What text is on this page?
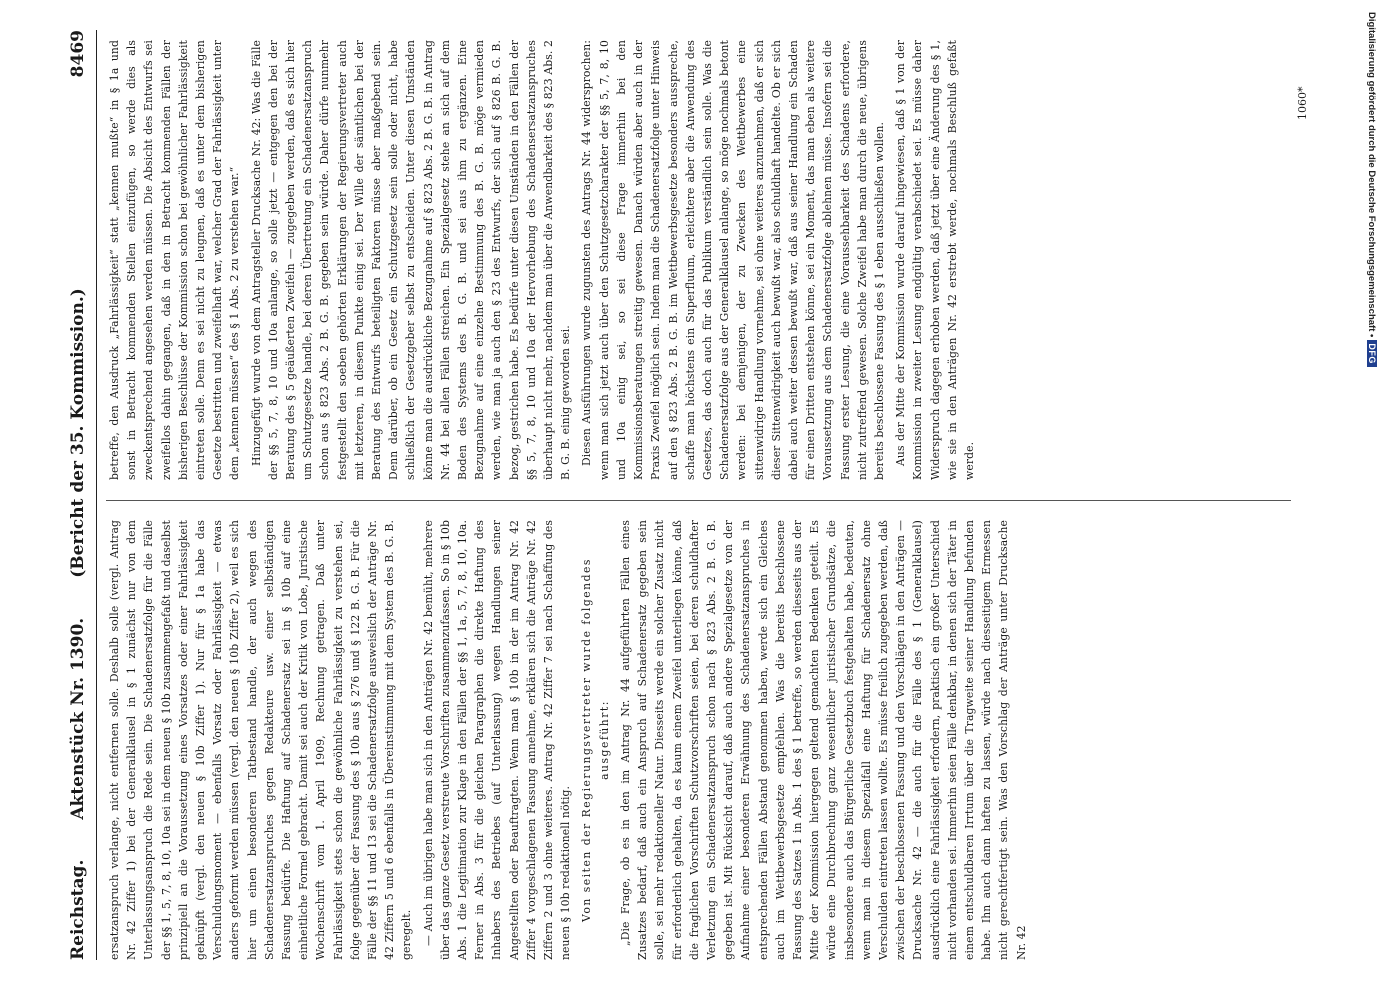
Reichstag.
Aktenstück Nr. 1390.
(Bericht der 35. Kommission.)
8469

ersatzanspruch verlange, nicht entfernen solle. Deshalb solle (vergl. Antrag Nr. 42 Ziffer 1) bei der Generalklausel in § 1 zunächst nur von dem Unterlassungsanspruch die Rede sein. Die Schadenersatzfolge für die Fälle der §§ 1, 5, 7, 8, 10, 10a sei in dem neuen § 10b zusammengefaßt und daselbst prinzipiell an die Voraussetzung eines Vorsatzes oder einer Fahrlässigkeit geknüpft (vergl. den neuen § 10b Ziffer 1). Nur für § 1a habe das Verschuldungsmoment — ebenfalls Vorsatz oder Fahrlässigkeit — etwas anders geformt werden müssen (vergl. den neuen § 10b Ziffer 2), weil es sich hier um einen besonderen Tatbestand handle, der auch wegen des Schadenersatzanspruches gegen Redakteure usw. einer selbständigen Fassung bedürfe. Die Haftung auf Schadenersatz sei in § 10b auf eine einheitliche Formel gebracht. Damit sei auch der Kritik von Lobe, Juristische Wochenschrift vom 1. April 1909, Rechnung getragen. Daß unter Fahrlässigkeit stets schon die gewöhnliche Fahrlässigkeit zu verstehen sei, folge gegenüber der Fassung des § 10b aus § 276 und § 122 B. G. B. Für die Fälle der §§ 11 und 13 sei die Schadenersatzfolge ausweislich der Anträge Nr. 42 Ziffern 5 und 6 ebenfalls in Übereinstimmung mit dem System des B. G. B. geregelt. — Auch im übrigen habe man sich in den Anträgen Nr. 42 bemüht, mehrere über das ganze Gesetz verstreute Vorschriften zusammenzufassen. So in § 10b Abs. 1 die Legitimation zur Klage in den Fällen der §§ 1, 1a, 5, 7, 8, 10, 10a. Ferner in Abs. 3 für die gleichen Paragraphen die direkte Haftung des Inhabers des Betriebes (auf Unterlassung) wegen Handlungen seiner Angestellten oder Beauftragten. Wenn man § 10b in der im Antrag Nr. 42 Ziffer 4 vorgeschlagenen Fassung annehme, erklären sich die Anträge Nr. 42 Ziffern 2 und 3 ohne weiteres. Antrag Nr. 42 Ziffer 7 sei nach Schaffung des neuen § 10b redaktionell nötig. Von seiten der Regierungsvertreter wurde folgendes ausgeführt: „Die Frage, ob es in den im Antrag Nr. 44 aufgeführten Fällen eines Zusatzes bedarf, daß auch ein Anspruch auf Schadenersatz gegeben sein solle, sei mehr redaktioneller Natur. Diesseits werde ein solcher Zusatz nicht für erforderlich gehalten, da es kaum einem Zweifel unterliegen könne, daß die fraglichen Vorschriften Schutzvorschriften seien, bei deren schuldhafter Verletzung ein Schadenersatzanspruch schon nach § 823 Abs. 2 B. G. B. gegeben ist. Mit Rücksicht darauf, daß auch andere Spezialgesetze von der Aufnahme einer besonderen Erwähnung des Schadenersatzanspruches in entsprechenden Fällen Abstand genommen haben, werde sich ein Gleiches auch im Wettbewerbsgesetze empfehlen. Was die bereits beschlossene Fassung des Satzes 1 in Abs. 1 des § 1 betreffe, so werden diesseits aus der Mitte der Kommission hiergegen geltend gemachten Bedenken geteilt. Es würde eine Durchbrechung ganz wesentlicher juristischer Grundsätze, die insbesondere auch das Bürgerliche Gesetzbuch festgehalten habe, bedeuten, wenn man in diesem Spezialfall eine Haftung für Schadenersatz ohne Verschulden eintreten lassen wollte. Es müsse freilich zugegeben werden, daß zwischen der beschlossenen Fassung und den Vorschlägen in den Anträgen — Drucksache Nr. 42 — die auch für die Fälle des § 1 (Generalklausel) ausdrücklich eine Fahrlässigkeit erfordern, praktisch ein großer Unterschied nicht vorhanden sei. Immerhin seien Fälle denkbar, in denen sich der Täter in einem entschuldbaren Irrtum über die Tragweite seiner Handlung befunden habe. Ihn auch dann haften zu lassen, würde nach diesseitigem Ermessen nicht gerechtfertigt sein. Was den Vorschlag der Anträge unter Drucksache Nr. 42

betreffe, den Ausdruck „Fahrlässigkeit“ statt „kennen mußte“ in § 1a und sonst in Betracht kommenden Stellen einzufügen, so werde dies als zweckentsprechend angesehen werden müssen. Die Absicht des Entwurfs sei zweifellos dahin gegangen, daß in den in Betracht kommenden Fällen der bisherigen Beschlüsse der Kommission schon bei gewöhnlicher Fahrlässigkeit eintreten solle. Denn es sei nicht zu leugnen, daß es unter dem bisherigen Gesetze bestritten und zweifelhaft war, welcher Grad der Fahrlässigkeit unter dem „kennen müssen“ des § 1 Abs. 2 zu verstehen war.“ Hinzugefügt wurde von dem Antragsteller Drucksache Nr. 42: Was die Fälle der §§ 5, 7, 8, 10 und 10a anlange, so solle jetzt — entgegen den bei der Beratung des § 5 geäußerten Zweifeln — zugegeben werden, daß es sich hier um Schutzgesetze handle, bei deren Übertretung ein Schadenersatzanspruch schon aus § 823 Abs. 2 B. G. B. gegeben sein würde. Daher dürfe nunmehr festgestellt den soeben gehörten Erklärungen der Regierungsvertreter auch mit letzteren, in diesem Punkte einig sei. Der Wille der sämtlichen bei der Beratung des Entwurfs beteiligten Faktoren müsse aber maßgebend sein. Denn darüber, ob ein Gesetz ein Schutzgesetz sein solle oder nicht, habe schließlich der Gesetzgeber selbst zu entscheiden. Unter diesen Umständen könne man die ausdrückliche Bezugnahme auf § 823 Abs. 2 B. G. B. in Antrag Nr. 44 bei allen Fällen streichen. Ein Spezialgesetz stehe an sich auf dem Boden des Systems des B. G. B. und sei aus ihm zu ergänzen. Eine Bezugnahme auf eine einzelne Bestimmung des B. G. B. möge vermieden werden, wie man ja auch den § 23 des Entwurfs, der sich auf § 826 B. G. B. bezog, gestrichen habe. Es bedürfe unter diesen Umständen in den Fällen der §§ 5, 7, 8, 10 und 10a der Hervorhebung des Schadensersatzanspruches überhaupt nicht mehr, nachdem man über die Anwendbarkeit des § 823 Abs. 2 B. G. B. einig geworden sei. Diesen Ausführungen wurde zugunsten des Antrags Nr. 44 widersprochen: wenn man sich jetzt auch über den Schutzgesetzcharakter der §§ 5, 7, 8, 10 und 10a einig sei, so sei diese Frage immerhin bei den Kommissionsberatungen streitig gewesen. Danach würden aber auch in der Praxis Zweifel möglich sein. Indem man die Schadenersatzfolge unter Hinweis auf den § 823 Abs. 2 B. G. B. im Wettbewerbsgesetze besonders ausspreche, schaffe man höchstens ein Superfluum, erleichtere aber die Anwendung des Gesetzes, das doch auch für das Publikum verständlich sein solle. Was die Schadenersatzfolge aus der Generalklausel anlange, so möge nochmals betont werden: bei demjenigen, der zu Zwecken des Wettbewerbes eine sittenwidrige Handlung vornehme, sei ohne weiteres anzunehmen, daß er sich dieser Sittenwidrigkeit auch bewußt war, also schuldhaft handelte. Ob er sich dabei auch weiter dessen bewußt war, daß aus seiner Handlung ein Schaden für einen Dritten entstehen könne, sei ein Moment, das man eben als weitere Voraussetzung aus dem Schadenersatzfolge ablehnen müsse. Insofern sei die Fassung erster Lesung, die eine Voraussehbarkeit des Schadens erfordere, nicht zutreffend gewesen. Solche Zweifel habe man durch die neue, übrigens bereits beschlossene Fassung des § 1 eben ausschließen wollen. Aus der Mitte der Kommission wurde darauf hingewiesen, daß § 1 von der Kommission in zweiter Lesung endgültig verabschiedet sei. Es müsse daher Widerspruch dagegen erhoben werden, daß jetzt über eine Änderung des § 1, wie sie in den Anträgen Nr. 42 erstrebt werde, nochmals Beschluß gefaßt werde.

1060*	Digitalisierung gefördert durch die Deutsche Forschungsgemeinschaft •DFG
